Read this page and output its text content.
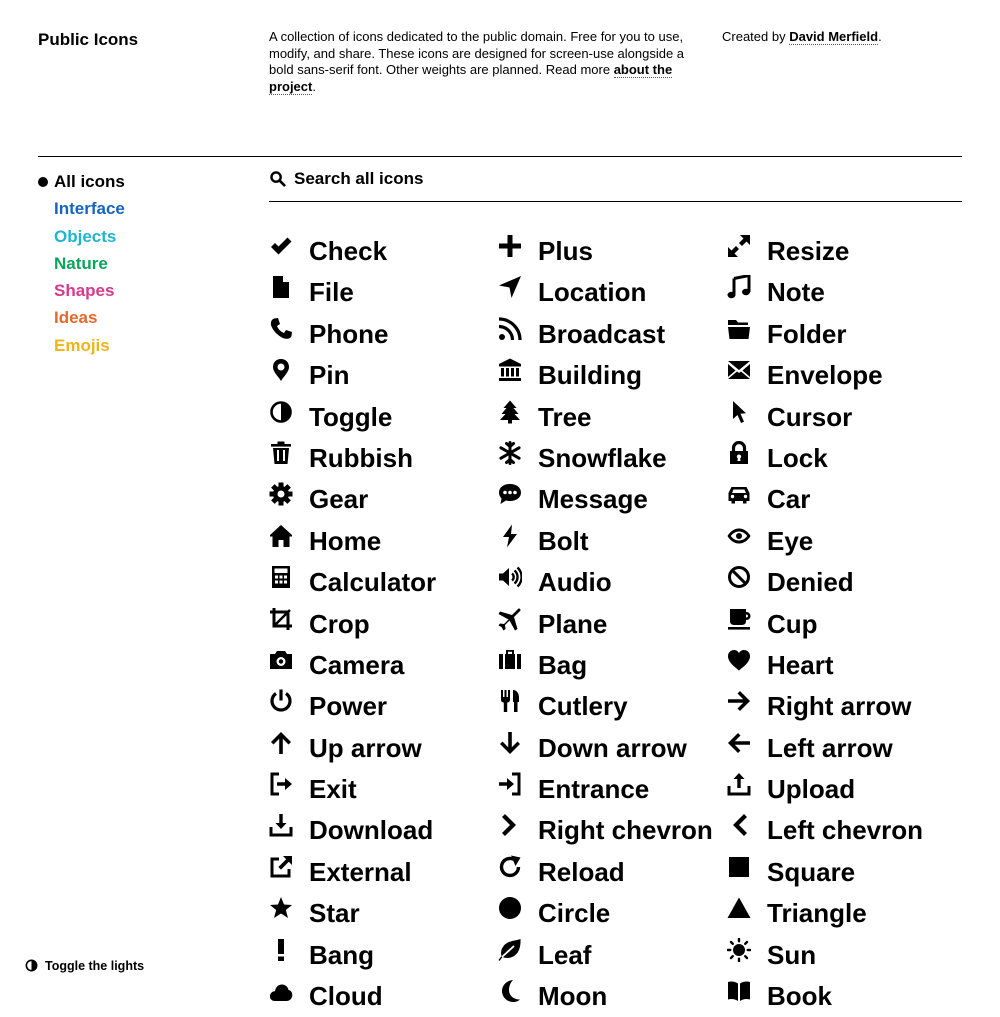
Public Icons	A collection of icons dedicated to the public domain. Free for you to use, modify, and share. These icons are designed for screen-use alongside a bold sans-serif font. Other weights are planned. Read more about the project.
Created by David Merfield.
All icons
Interface
Objects
Nature
Shapes
Ideas
Emojis
Search all icons
Check
File
Phone
Pin
Toggle
Rubbish
Gear
Home
Calculator
Crop
Camera
Power
Up arrow
Exit
Download
External
Star
Bang
Cloud
Plus
Location
Broadcast
Building
Tree
Snowflake
Message
Bolt
Audio
Plane
Bag
Cutlery
Down arrow
Entrance
Right chevron
Reload
Circle
Leaf
Moon
Resize
Note
Folder
Envelope
Cursor
Lock
Car
Eye
Denied
Cup
Heart
Right arrow
Left arrow
Upload
Left chevron
Square
Triangle
Sun
Book
Toggle the lights
